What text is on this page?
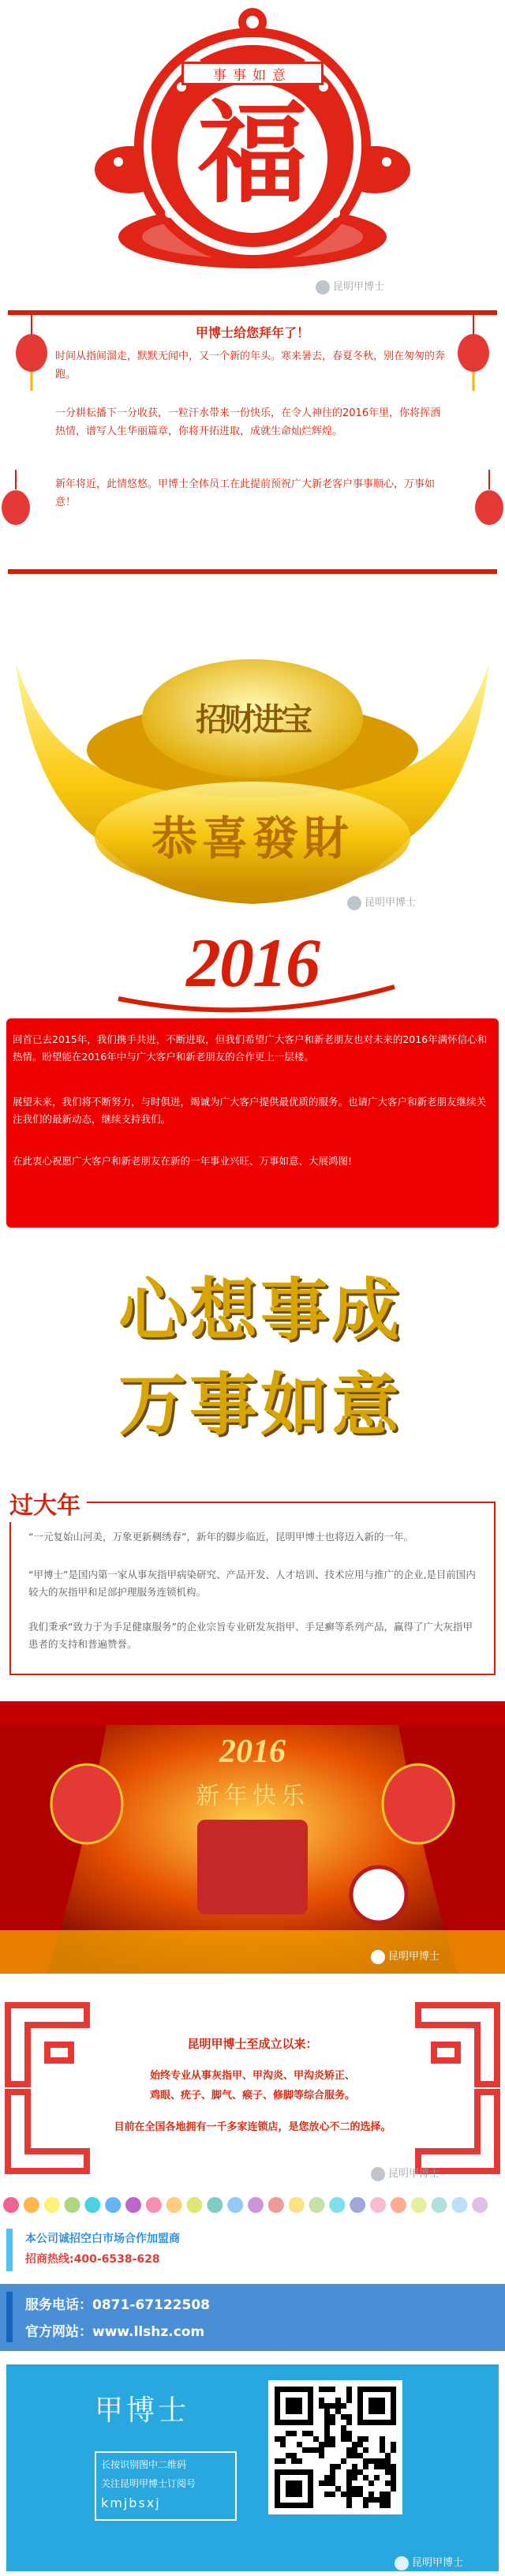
事事如意
福
昆明甲博士
甲博士给您拜年了！

时间从指间溜走，默默无闻中，又一个新的年头。寒来暑去，春夏冬秋，别在匆匆的奔跑。

一分耕耘播下一分收获，一粒汗水带来一份快乐，在令人神往的2016年里，你将挥洒热情，谱写人生华丽篇章，你将开拓进取，成就生命灿烂辉煌。

新年将近，此情悠悠。甲博士全体员工在此提前预祝广大新老客户事事顺心，万事如意！

招财进宝
恭喜發財
昆明甲博士
2016

回首已去2015年，我们携手共进，不断进取，但我们希望广大客户和新老朋友也对未来的2016年满怀信心和热情。盼望能在2016年中与广大客户和新老朋友的合作更上一层楼。

展望未来，我们将不断努力，与时俱进，竭诚为广大客户提供最优质的服务。也请广大客户和新老朋友继续关注我们的最新动态，继续支持我们。

在此衷心祝愿广大客户和新老朋友在新的一年事业兴旺、万事如意、大展鸿图!

心想事成
万事如意
过大年

“一元复始山河美，万象更新稠绣春”，新年的脚步临近，昆明甲博士也将迈入新的一年。

“甲博士”是国内第一家从事灰指甲病染研究、产品开发、人才培训、技术应用与推广的企业,是目前国内较大的灰指甲和足部护理服务连锁机构。

我们秉承“致力于为手足健康服务”的企业宗旨专业研发灰指甲、手足癣等系列产品，赢得了广大灰指甲患者的支持和普遍赞誉。

2016
新年快乐
昆明甲博士
昆明甲博士至成立以来：
始终专业从事灰指甲、甲沟炎、甲沟炎矫正、
鸡眼、疣子、脚气、瘊子、修脚等综合服务。
目前在全国各地拥有一千多家连锁店，是您放心不二的选择。
昆明甲博士
本公司诚招空白市场合作加盟商
招商热线:400-6538-628
服务电话：0871-67122508
官方网站：www.llshz.com
甲博士
长按识别图中二维码
关注昆明甲博士订阅号
kmjbsxj
昆明甲博士
